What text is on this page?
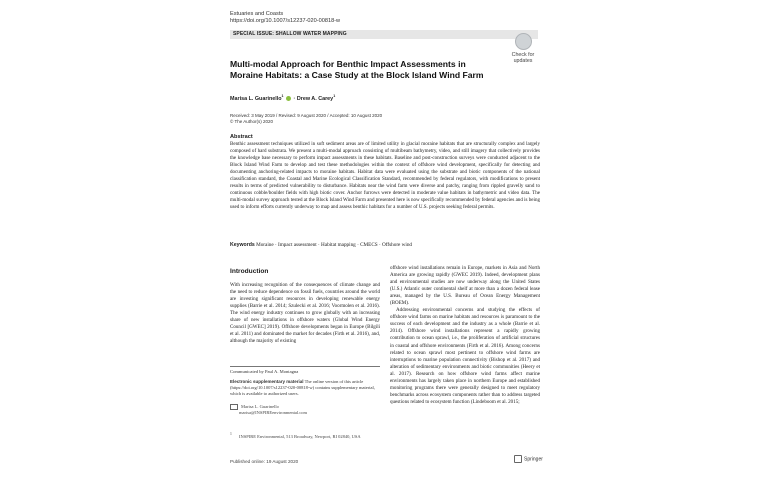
Estuaries and Coasts
https://doi.org/10.1007/s12237-020-00818-w
SPECIAL ISSUE: SHALLOW WATER MAPPING
Check for
updates
Multi-modal Approach for Benthic Impact Assessments in Moraine Habitats: a Case Study at the Block Island Wind Farm
Marisa L. Guarinello$^1$ · Drew A. Carey$^1$
Received: 3 May 2019 / Revised: 9 August 2020 / Accepted: 10 August 2020
© The Author(s) 2020
Abstract
Benthic assessment techniques utilized in soft sediment areas are of limited utility in glacial moraine habitats that are structurally complex and largely composed of hard substrata. We present a multi-modal approach consisting of multibeam bathymetry, video, and still imagery that collectively provides the knowledge base necessary to perform impact assessments in these habitats. Baseline and post-construction surveys were conducted adjacent to the Block Island Wind Farm to develop and test these methodologies within the context of offshore wind development, specifically for detecting and documenting anchoring-related impacts to moraine habitats. Habitat data were evaluated using the substrate and biotic components of the national classification standard, the Coastal and Marine Ecological Classification Standard, recommended by federal regulators, with modifications to present results in terms of predicted vulnerability to disturbance. Habitats near the wind farm were diverse and patchy, ranging from rippled gravelly sand to continuous cobble/boulder fields with high biotic cover. Anchor furrows were detected in moderate value habitats in bathymetric and video data. The multi-modal survey approach tested at the Block Island Wind Farm and presented here is now specifically recommended by federal agencies and is being used to inform efforts currently underway to map and assess benthic habitats for a number of U.S. projects seeking federal permits.
Keywords Moraine · Impact assessment · Habitat mapping · CMECS · Offshore wind
Introduction
With increasing recognition of the consequences of climate change and the need to reduce dependence on fossil fuels, countries around the world are investing significant resources in developing renewable energy supplies (Barrie et al. 2014; Szulecki et al. 2016; Voormolen et al. 2016). The wind energy industry continues to grow globally with an increasing share of new installations in offshore waters (Global Wind Energy Council [GWEC] 2019). Offshore developments began in Europe (Bilgili et al. 2011) and dominated the market for decades (Firth et al. 2016), and, although the majority of existing
offshore wind installations remain in Europe, markets in Asia and North America are growing rapidly (GWEC 2019). Indeed, development plans and environmental studies are now underway along the United States (U.S.) Atlantic outer continental shelf at more than a dozen federal lease areas, managed by the U.S. Bureau of Ocean Energy Management (BOEM).
Addressing environmental concerns and studying the effects of offshore wind farms on marine habitats and resources is paramount to the success of each development and the industry as a whole (Barrie et al. 2014). Offshore wind installations represent a rapidly growing contribution to ocean sprawl, i.e., the proliferation of artificial structures in coastal and offshore environments (Firth et al. 2016). Among concerns related to ocean sprawl most pertinent to offshore wind farms are interruptions to marine population connectivity (Bishop et al. 2017) and alteration of sedimentary environments and biotic communities (Heery et al. 2017). Research on how offshore wind farms affect marine environments has largely taken place in northern Europe and established monitoring programs there were generally designed to meet regulatory benchmarks across ecosystem components rather than to address targeted questions related to ecosystem function (Lindeboom et al. 2015;
Communicated by Paul A. Montagna
Electronic supplementary material The online version of this article (https://doi.org/10.1007/s12237-020-00818-w) contains supplementary material, which is available to authorized users.
Marisa L. Guarinello
marisa@INSPIREenvironmental.com
$^1$ INSPIRE Environmental, 513 Broadway, Newport, RI 02840, USA
Published online: 19 August 2020	Springer
